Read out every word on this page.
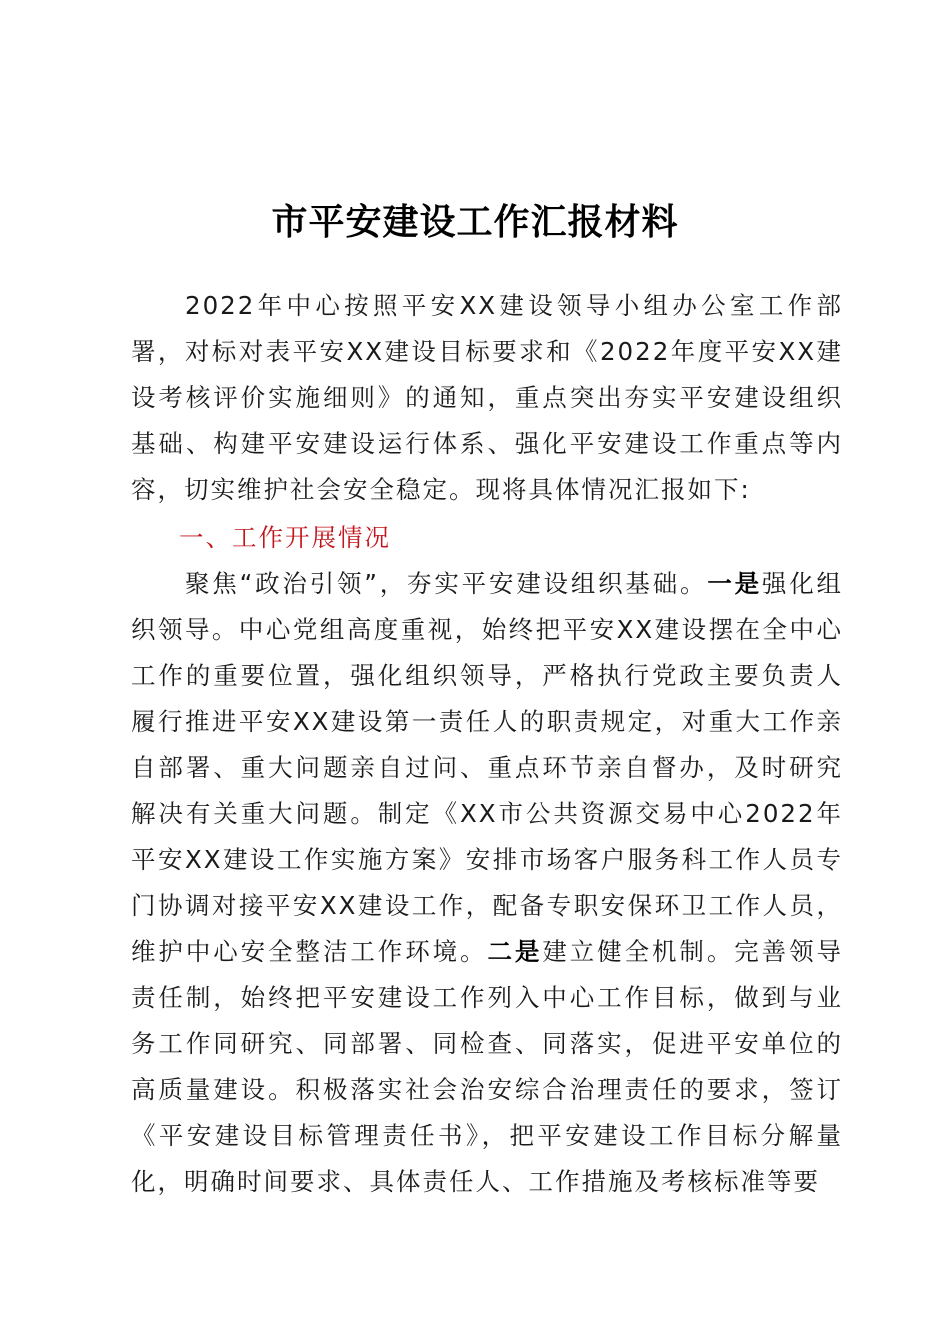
市平安建设工作汇报材料
2022年中心按照平安XX建设领导小组办公室工作部署，对标对表平安XX建设目标要求和《2022年度平安XX建设考核评价实施细则》的通知，重点突出夯实平安建设组织基础、构建平安建设运行体系、强化平安建设工作重点等内容，切实维护社会安全稳定。现将具体情况汇报如下:
一、工作开展情况
聚焦“政治引领”，夯实平安建设组织基础。一是强化组织领导。中心党组高度重视，始终把平安XX建设摆在全中心工作的重要位置，强化组织领导，严格执行党政主要负责人履行推进平安XX建设第一责任人的职责规定，对重大工作亲自部署、重大问题亲自过问、重点环节亲自督办，及时研究解决有关重大问题。制定《XX市公共资源交易中心2022年平安XX建设工作实施方案》安排市场客户服务科工作人员专门协调对接平安XX建设工作，配备专职安保环卫工作人员，维护中心安全整洁工作环境。二是建立健全机制。完善领导责任制，始终把平安建设工作列入中心工作目标，做到与业务工作同研究、同部署、同检查、同落实，促进平安单位的高质量建设。积极落实社会治安综合治理责任的要求，签订《平安建设目标管理责任书》，把平安建设工作目标分解量化，明确时间要求、具体责任人、工作措施及考核标准等要
